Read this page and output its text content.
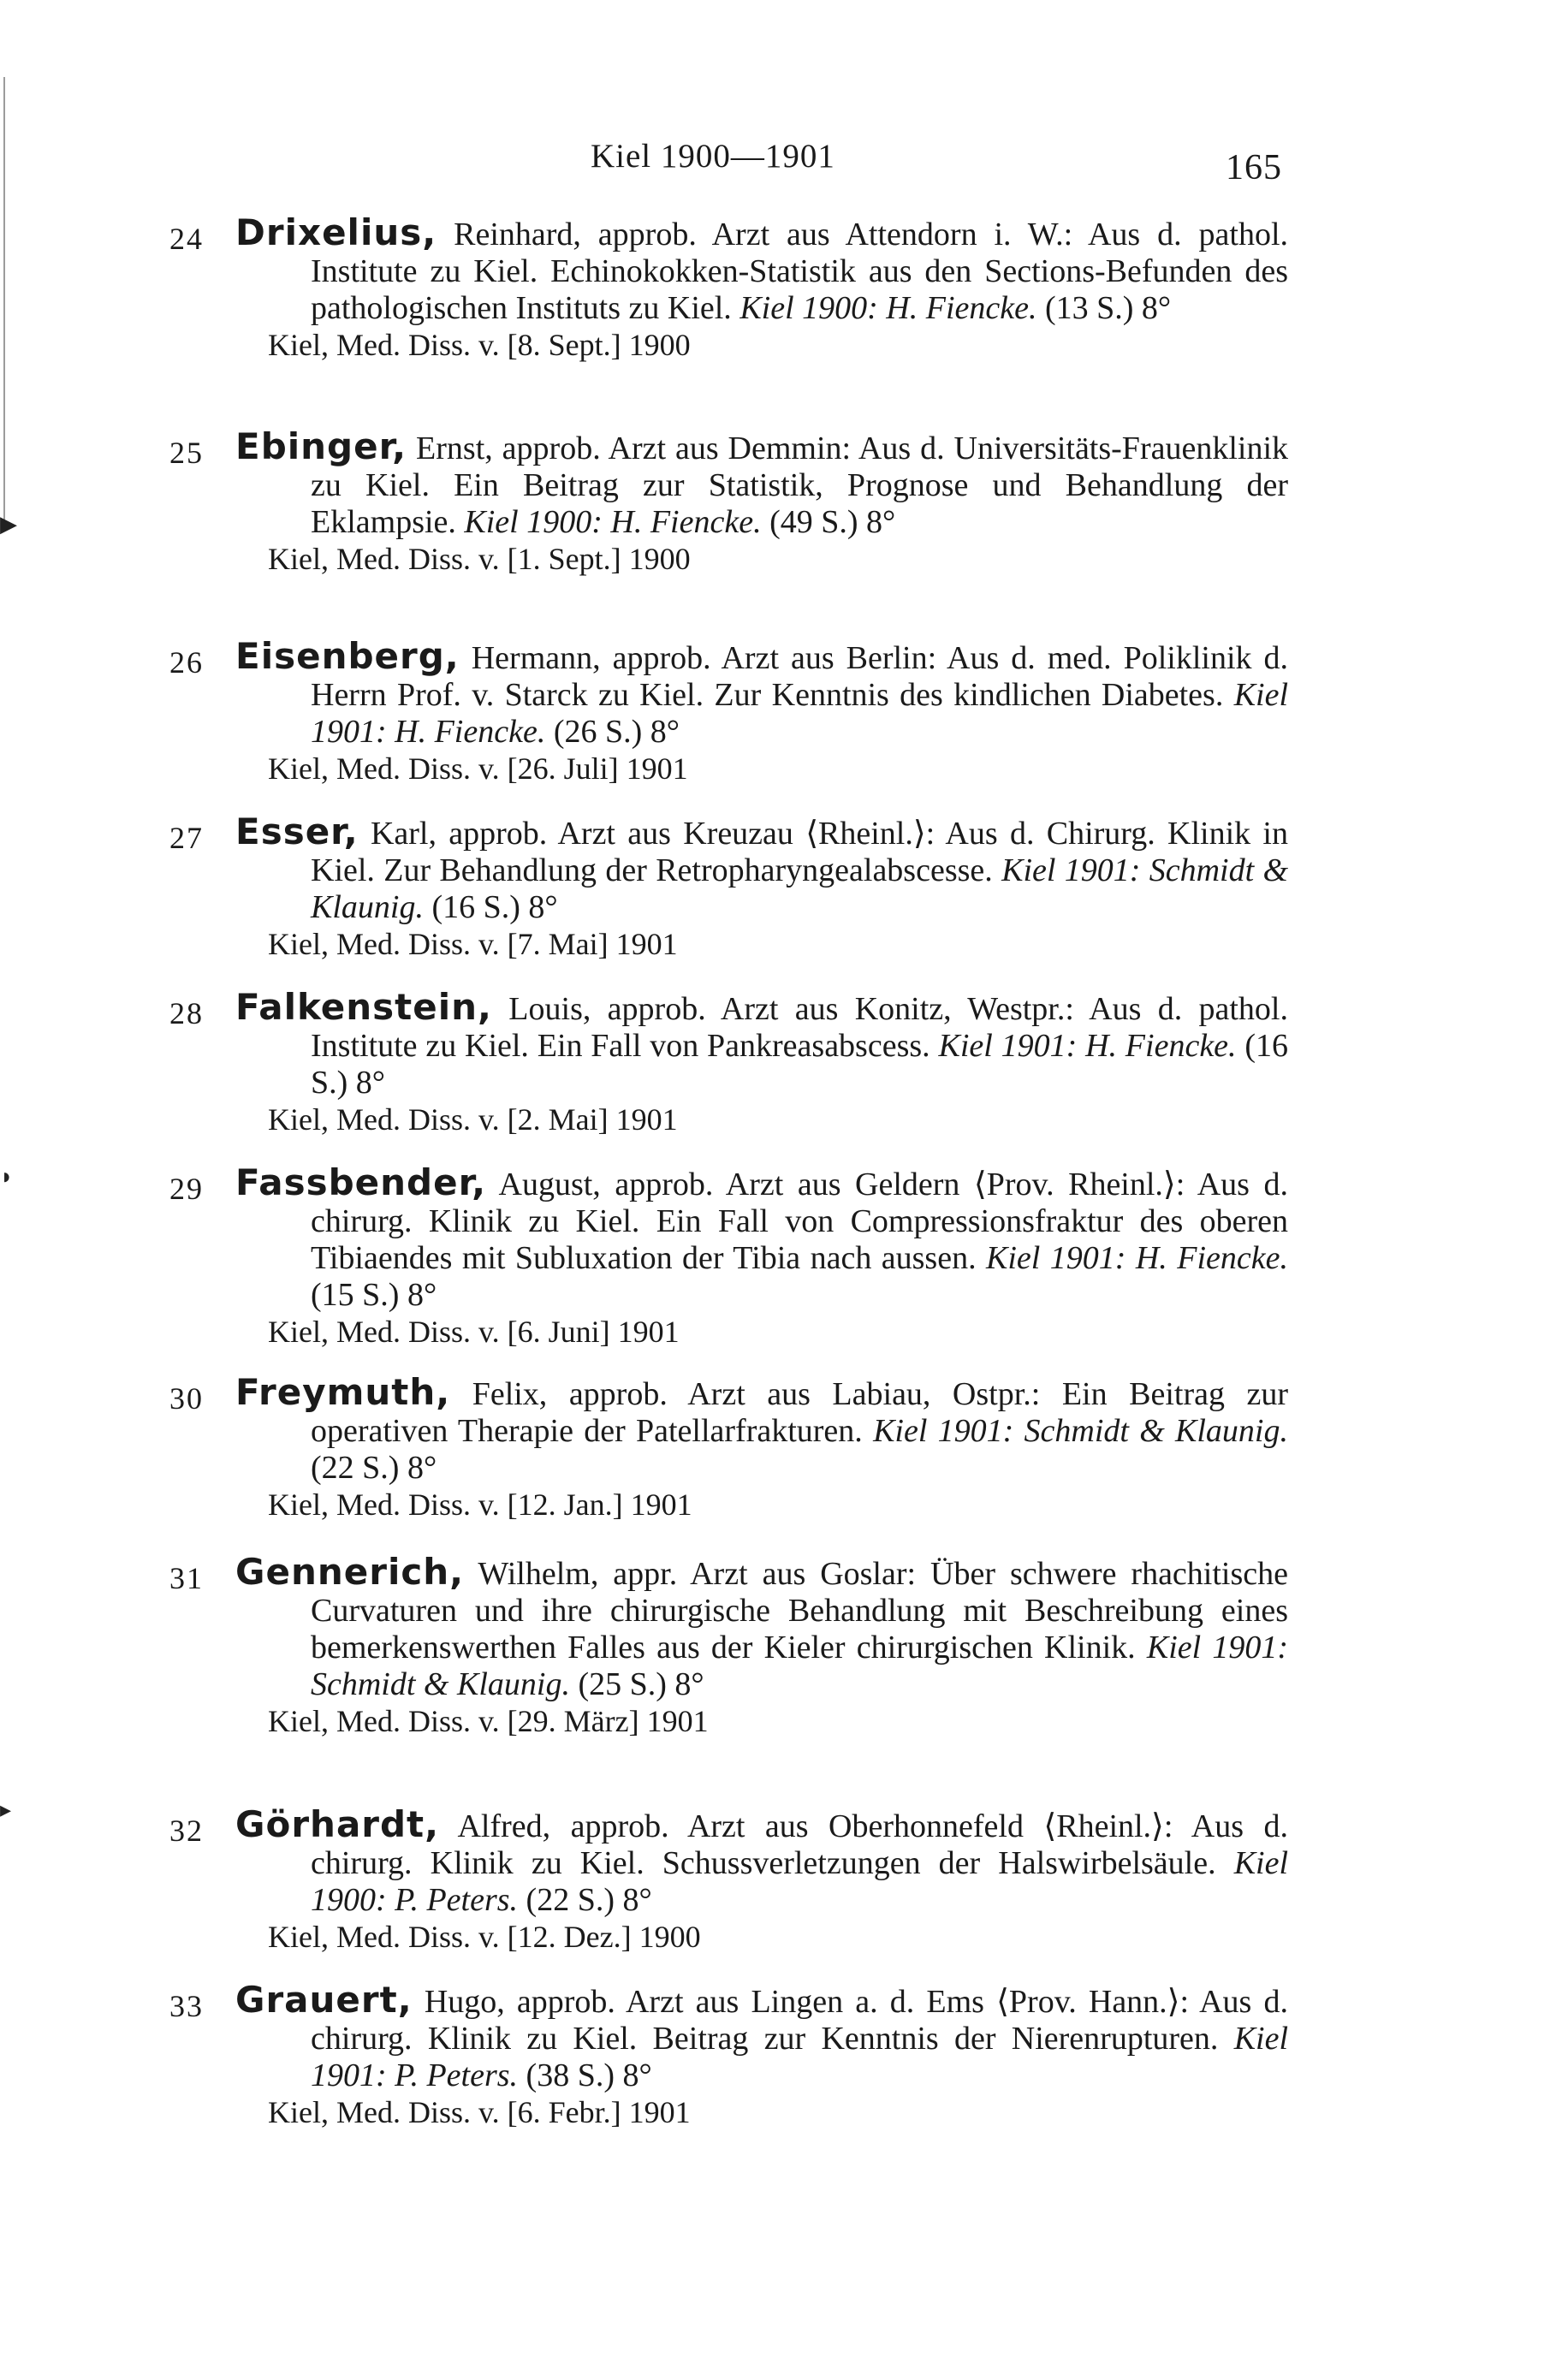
▶
◗
▸
Kiel 1900—1901	165
24 Drixelius, Reinhard, approb. Arzt aus Attendorn i. W.: Aus d. pathol. Institute zu Kiel. Echinokokken-Statistik aus den Sections-Befunden des pathologischen Instituts zu Kiel. Kiel 1900: H. Fiencke. (13 S.) 8°
Kiel, Med. Diss. v. [8. Sept.] 1900
25 Ebinger, Ernst, approb. Arzt aus Demmin: Aus d. Universitäts-Frauenklinik zu Kiel. Ein Beitrag zur Statistik, Prognose und Behandlung der Eklampsie. Kiel 1900: H. Fiencke. (49 S.) 8°
Kiel, Med. Diss. v. [1. Sept.] 1900
26 Eisenberg, Hermann, approb. Arzt aus Berlin: Aus d. med. Poliklinik d. Herrn Prof. v. Starck zu Kiel. Zur Kenntnis des kindlichen Diabetes. Kiel 1901: H. Fiencke. (26 S.) 8°
Kiel, Med. Diss. v. [26. Juli] 1901
27 Esser, Karl, approb. Arzt aus Kreuzau ⟨Rheinl.⟩: Aus d. Chirurg. Klinik in Kiel. Zur Behandlung der Retropharyngealabscesse. Kiel 1901: Schmidt & Klaunig. (16 S.) 8°
Kiel, Med. Diss. v. [7. Mai] 1901
28 Falkenstein, Louis, approb. Arzt aus Konitz, Westpr.: Aus d. pathol. Institute zu Kiel. Ein Fall von Pankreasabscess. Kiel 1901: H. Fiencke. (16 S.) 8°
Kiel, Med. Diss. v. [2. Mai] 1901
29 Fassbender, August, approb. Arzt aus Geldern ⟨Prov. Rheinl.⟩: Aus d. chirurg. Klinik zu Kiel. Ein Fall von Compressionsfraktur des oberen Tibiaendes mit Subluxation der Tibia nach aussen. Kiel 1901: H. Fiencke. (15 S.) 8°
Kiel, Med. Diss. v. [6. Juni] 1901
30 Freymuth, Felix, approb. Arzt aus Labiau, Ostpr.: Ein Beitrag zur operativen Therapie der Patellarfrakturen. Kiel 1901: Schmidt & Klaunig. (22 S.) 8°
Kiel, Med. Diss. v. [12. Jan.] 1901
31 Gennerich, Wilhelm, appr. Arzt aus Goslar: Über schwere rhachitische Curvaturen und ihre chirurgische Behandlung mit Beschreibung eines bemerkenswerthen Falles aus der Kieler chirurgischen Klinik. Kiel 1901: Schmidt & Klaunig. (25 S.) 8°
Kiel, Med. Diss. v. [29. März] 1901
32 Görhardt, Alfred, approb. Arzt aus Oberhonnefeld ⟨Rheinl.⟩: Aus d. chirurg. Klinik zu Kiel. Schussverletzungen der Halswirbelsäule. Kiel 1900: P. Peters. (22 S.) 8°
Kiel, Med. Diss. v. [12. Dez.] 1900
33 Grauert, Hugo, approb. Arzt aus Lingen a. d. Ems ⟨Prov. Hann.⟩: Aus d. chirurg. Klinik zu Kiel. Beitrag zur Kenntnis der Nierenrupturen. Kiel 1901: P. Peters. (38 S.) 8°
Kiel, Med. Diss. v. [6. Febr.] 1901
